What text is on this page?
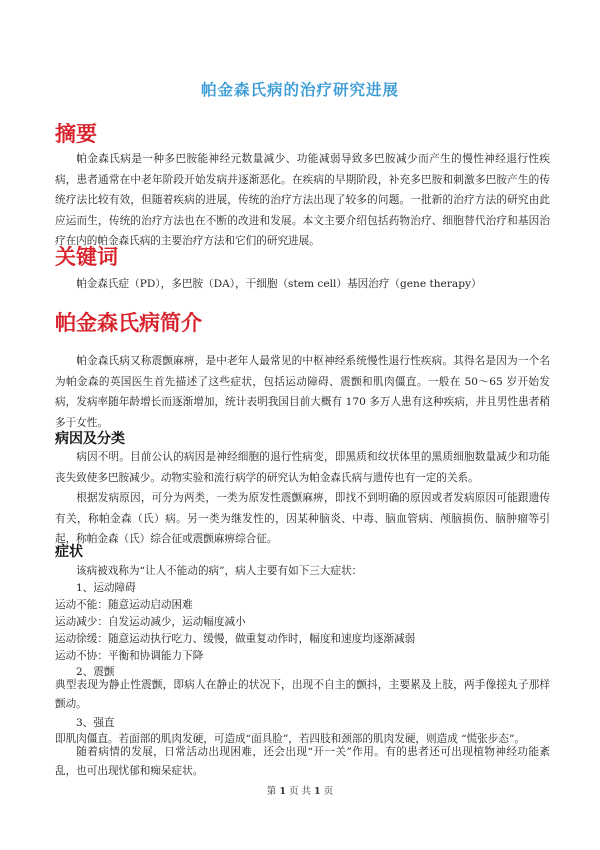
帕金森氏病的治疗研究进展
摘要
帕金森氏病是一种多巴胺能神经元数量减少、功能减弱导致多巴胺减少而产生的慢性神经退行性疾病，患者通常在中老年阶段开始发病并逐渐恶化。在疾病的早期阶段，补充多巴胺和刺激多巴胺产生的传统疗法比较有效，但随着疾病的进展，传统的治疗方法出现了较多的问题。一批新的治疗方法的研究由此应运而生，传统的治疗方法也在不断的改进和发展。本文主要介绍包括药物治疗、细胞替代治疗和基因治疗在内的帕金森氏病的主要治疗方法和它们的研究进展。
关键词
帕金森氏症（PD），多巴胺（DA），干细胞（stem cell）基因治疗（gene therapy）
帕金森氏病简介
帕金森氏病又称震颤麻痹，是中老年人最常见的中枢神经系统慢性退行性疾病。其得名是因为一个名为帕金森的英国医生首先描述了这些症状，包括运动障碍、震颤和肌肉僵直。一般在 50～65 岁开始发病，发病率随年龄增长而逐渐增加，统计表明我国目前大概有 170 多万人患有这种疾病，并且男性患者稍多于女性。
病因及分类
病因不明。目前公认的病因是神经细胞的退行性病变，即黑质和纹状体里的黑质细胞数量减少和功能丧失致使多巴胺减少。动物实验和流行病学的研究认为帕金森氏病与遗传也有一定的关系。
根据发病原因，可分为两类，一类为原发性震颤麻痹，即找不到明确的原因或者发病原因可能跟遗传有关，称帕金森（氏）病。另一类为继发性的，因某种脑炎、中毒、脑血管病、颅脑损伤、脑肿瘤等引起，称帕金森（氏）综合征或震颤麻痹综合征。
症状
该病被戏称为“让人不能动的病”，病人主要有如下三大症状：
1、运动障碍
运动不能：随意运动启动困难
运动减少：自发运动减少，运动幅度减小
运动徐缓：随意运动执行吃力、缓慢，做重复动作时，幅度和速度均逐渐减弱
运动不协：平衡和协调能力下降
2、震颤
典型表现为静止性震颤，即病人在静止的状况下，出现不自主的颤抖，主要累及上肢，两手像搓丸子那样颤动。
3、强直
即肌肉僵直。若面部的肌肉发硬，可造成“面具脸”，若四肢和颈部的肌肉发硬，则造成 “慌张步态”。
随着病情的发展，日常活动出现困难，还会出现“开一关”作用。有的患者还可出现植物神经功能紊乱，也可出现忧郁和痴呆症状。
第 1 页 共 1 页
